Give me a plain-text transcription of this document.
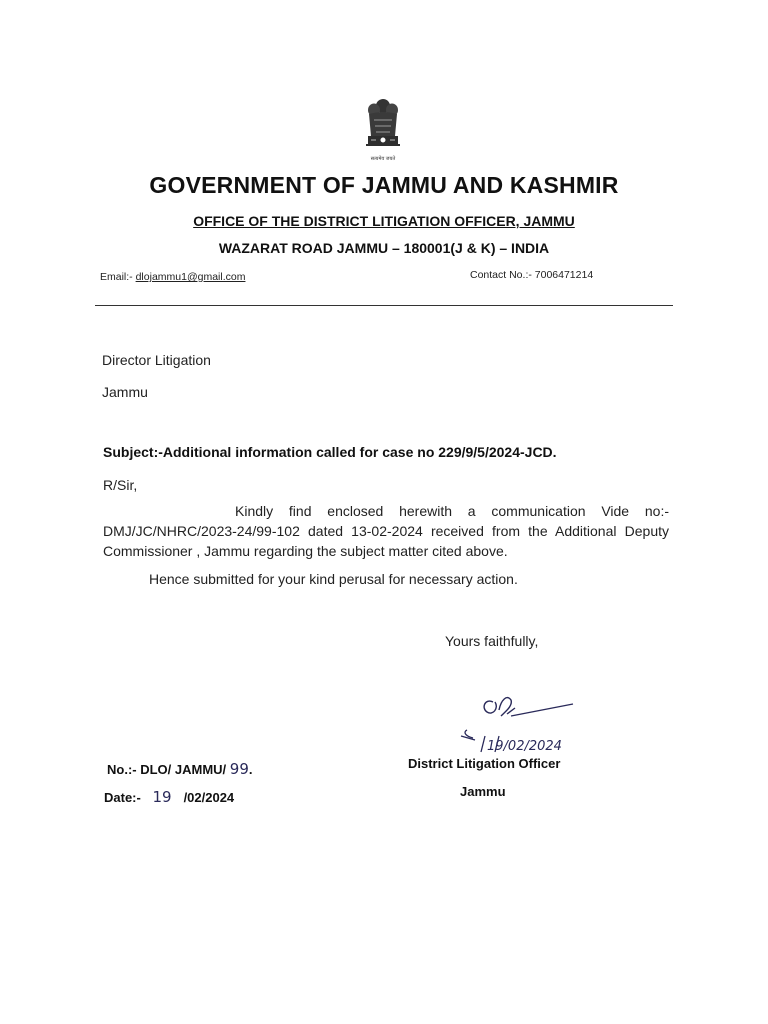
सत्यमेव जयते
GOVERNMENT OF JAMMU AND KASHMIR
OFFICE OF THE DISTRICT LITIGATION OFFICER, JAMMU
WAZARAT ROAD JAMMU – 180001(J & K) – INDIA
Email:- dlojammu1@gmail.com	Contact No.:- 7006471214
Director Litigation
Jammu
Subject:-Additional information called for case no 229/9/5/2024-JCD.
R/Sir,
Kindly find enclosed herewith a communication Vide no:- DMJ/JC/NHRC/2023-24/99-102 dated 13-02-2024 received from the Additional Deputy Commissioner , Jammu regarding the subject matter cited above.
Hence submitted for your kind perusal for necessary action.
Yours faithfully,
19/02/2024
District Litigation Officer
Jammu
No.:- DLO/ JAMMU/ 99.
Date:- 19 /02/2024
